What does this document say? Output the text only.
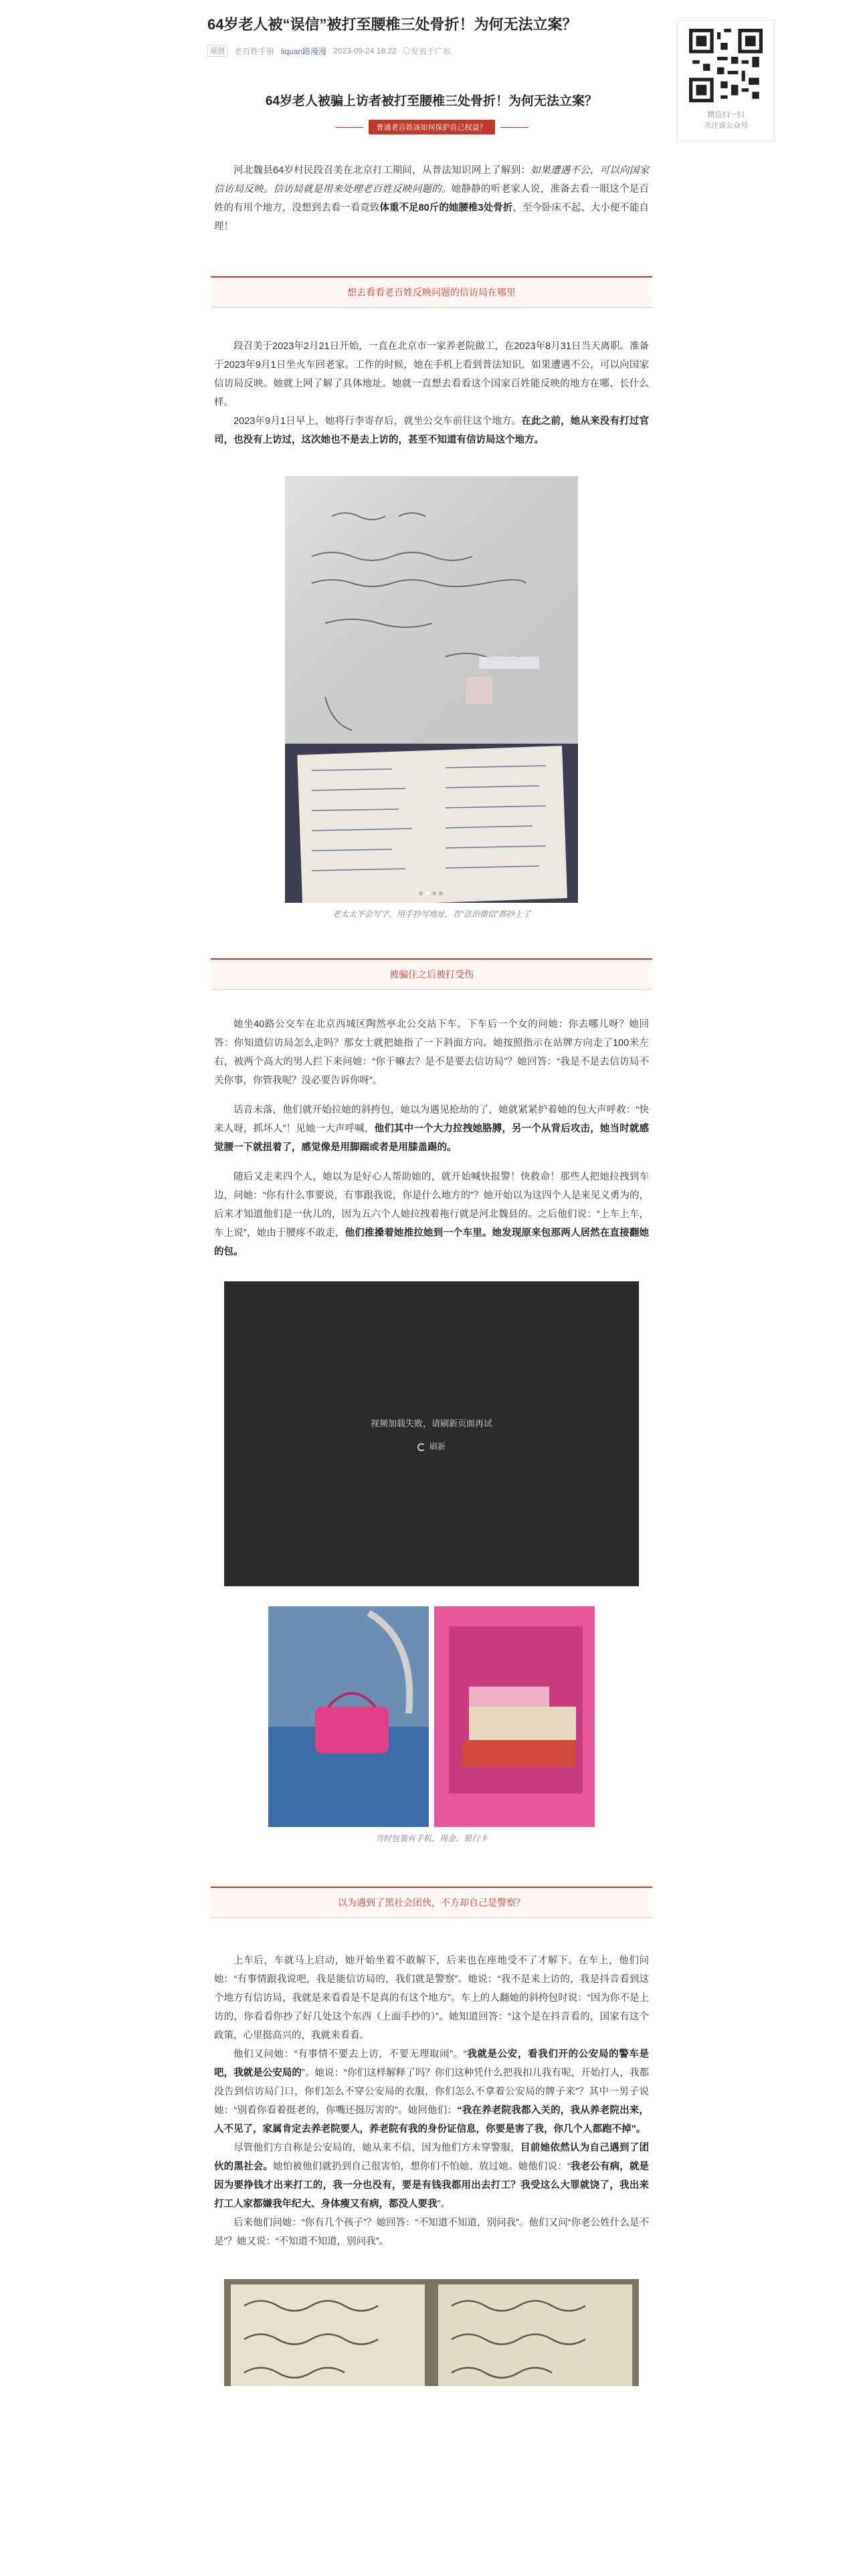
64岁老人被“误信”被打至腰椎三处骨折！为何无法立案？
原创	老百姓手册 liquan路漫漫 2023-09-24 18:22	发表于广东
64岁老人被骗上访者被打至腰椎三处骨折！为何无法立案？
普通老百姓该如何保护自己权益？

河北魏县64岁村民段召美在北京打工期间，从普法知识网上了解到：如果遭遇不公，可以向国家信访局反映。信访局就是用来处理老百姓反映问题的。她静静的听老家人说，准备去看一眼这个是百姓的有用个地方，没想到去看一看竟致体重不足80斤的她腰椎3处骨折，至今卧床不起、大小便不能自理！

想去看看老百姓反映问题的信访局在哪里

段召美于2023年2月21日开始，一直在北京市一家养老院做工，在2023年8月31日当天离职。准备于2023年9月1日坐火车回老家。工作的时候，她在手机上看到普法知识，如果遭遇不公，可以向国家信访局反映。她就上网了解了具体地址。她就一直想去看看这个国家百姓能反映的地方在哪、长什么样。

2023年9月1日早上，她将行李寄存后，就坐公交车前往这个地方。在此之前，她从来没有打过官司，也没有上访过，这次她也不是去上访的，甚至不知道有信访局这个地方。

老太太不会写字，用手抄写地址，在“法治微信”都抄上了
被骗住之后被打受伤

她坐40路公交车在北京西城区陶然亭北公交站下车。下车后一个女的问她：你去哪儿呀？她回答：你知道信访局怎么走吗？那女士就把她指了一下斜面方向。她按照指示在站牌方向走了100米左右，被两个高大的男人拦下来问她：“你干嘛去？是不是要去信访局”？她回答：“我是不是去信访局不关你事，你管我呢？没必要告诉你呀”。

话音未落，他们就开始拉她的斜挎包，她以为遇见抢劫的了，她就紧紧护着她的包大声呼救：“快来人呀，抓坏人”！见她一大声呼喊，他们其中一个大力拉拽她胳膊，另一个从背后攻击，她当时就感觉腰一下就扭着了，感觉像是用脚踹或者是用膝盖踢的。

随后又走来四个人，她以为是好心人帮助她的，就开始喊快报警！快救命！那些人把她拉拽到车边，问她：“你有什么事要说，有事跟我说，你是什么地方的”？她开始以为这四个人是来见义勇为的，后来才知道他们是一伙儿的，因为五六个人她拉拽着拖行就是河北魏县的。之后他们说：“上车上车，车上说”，她由于腰疼不敢走，他们推搡着她推拉她到一个车里。她发现原来包那两人居然在直接翻她的包。

视频加载失败，请刷新页面再试
刷新
当时包装有手机、现金、银行卡
以为遇到了黑社会团伙，不方却自己是警察？

上车后，车就马上启动，她开始坐着不敢解下，后来也在座地受不了才解下。在车上，他们问她：“有事情跟我说吧，我是能信访局的，我们就是警察”。她说：“我不是来上访的，我是抖音看到这个地方有信访局，我就是来看看是不是真的有这个地方”。车上的人翻她的斜挎包时说：“因为你不是上访的，你看看你抄了好几处这个东西（上面手抄的）”。她知道回答：“这个是在抖音看的，国家有这个政策，心里挺高兴的，我就来看看。

他们又问她：“有事情不要去上访，不要无理取闹”。“我就是公安，看我们开的公安局的警车是吧，我就是公安局的”。她说：“你们这样解释了吗？你们这种凭什么把我扣儿我有呢，开始打人，我都没告到信访局门口，你们怎么不穿公安局的衣服，你们怎么不拿着公安局的牌子来”？其中一男子说她：“别看你看着挺老的，你嘴还挺厉害的”。她回他们：“我在养老院我都入关的，我从养老院出来，人不见了，家属肯定去养老院要人，养老院有我的身份证信息，你要是害了我，你几个人都跑不掉”。

尽管他们方自称是公安局的，她从来不信，因为他们方未穿警服，目前她依然认为自己遇到了团伙的黑社会。她怕被他们就扔到自己很害怕，想你们不怕她、放过她。她他们说：“我老公有病，就是因为要挣钱才出来打工的，我一分也没有，要是有钱我都用出去打工？我受这么大罪就饶了，我出来打工人家都嫌我年纪大、身体瘦又有病，都没人要我”。

后来他们问她：“你有几个孩子”？她回答：“不知道不知道，别问我”。他们又问“你老公姓什么是不是”？她又说：“不知道不知道，别问我”。

微信扫一扫
关注该公众号
